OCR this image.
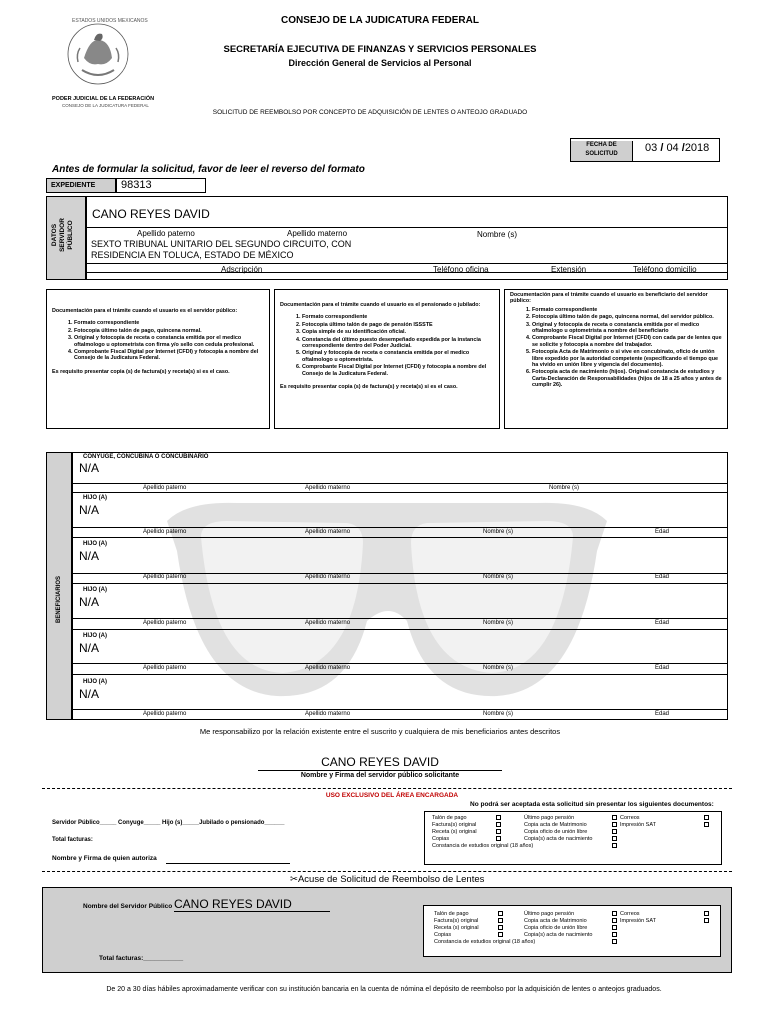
ESTADOS UNIDOS MEXICANOS
PODER JUDICIAL DE LA FEDERACIÓN
CONSEJO DE LA JUDICATURA FEDERAL
CONSEJO DE LA JUDICATURA FEDERAL
SECRETARÍA EJECUTIVA DE FINANZAS Y SERVICIOS PERSONALES
Dirección General de Servicios al Personal
SOLICITUD DE REEMBOLSO POR CONCEPTO DE ADQUISICIÓN DE LENTES O ANTEOJO GRADUADO
FECHA DE
SOLICITUD	03 / 04 /2018
Antes de formular la solicitud, favor de leer el reverso del formato
EXPEDIENTE	98313
DATOS SERVIDOR PÚBLICO
CANO REYES DAVID
Apellido paterno	Apellido materno	Nombre (s)
SEXTO TRIBUNAL UNITARIO DEL SEGUNDO CIRCUITO, CON
RESIDENCIA EN TOLUCA, ESTADO DE MÉXICO
Adscripción	Teléfono oficina	Extensión	Teléfono domicilio
Documentación para el trámite cuando el usuario es el servidor público:
1. Formato correspondiente
2. Fotocopia último talón de pago, quincena normal.
3. Original y fotocopia de receta o constancia emitida por el medico oftalmologo u optometrista con firma y/o sello con cedula profesional.
4. Comprobante Fiscal Digital por Internet (CFDI) y fotocopia a nombre del Consejo de la Judicatura Federal.
Es requisito presentar copia (s) de factura(s) y receta(s) si es el caso.
Documentación para el trámite cuando el usuario es el pensionado o jubilado:
1. Formato correspondiente
2. Fotocopia último talón de pago de pensión ISSSTE
3. Copia simple de su identificación oficial.
4. Constancia del último puesto desempeñado expedida por la instancia correspondiente dentro del Poder Judicial.
5. Original y fotocopia de receta o constancia emitida por el medico oftalmologo u optometrista.
6. Comprobante Fiscal Digital por Internet (CFDI) y fotocopia a nombre del Consejo de la Judicatura Federal.
Es requisito presentar copia (s) de factura(s) y receta(s) si es el caso.
Documentación para el trámite cuando el usuario es beneficiario del servidor público:
1. Formato correspondiente
2. Fotocopia último talón de pago, quincena normal, del servidor público.
3. Original y fotocopia de receta o constancia emitida por el medico oftalmologo u optometrista a nombre del beneficiario
4. Comprobante Fiscal Digital por Internet (CFDI) con cada par de lentes que se solicite y fotocopia a nombre del trabajador.
5. Fotocopia Acta de Matrimonio o si vive en concubinato, oficio de unión libre expedido por la autoridad competente (especificando el tiempo que ha vivido en unión libre y vigencia del documento).
6. Fotocopia acta de nacimiento (hijos). Original constancia de estudios y Carta-Declaración de Responsabilidades (hijos de 18 a 25 años y antes de cumplir 26).
BENEFICIARIOS
CONYUGE, CONCUBINA O CONCUBINARIO
N/A
Apellido paterno	Apellido materno	Nombre (s)
HIJO (A)
N/A
Apellido paterno	Apellido materno	Nombre (s)	Edad
HIJO (A)
N/A
Apellido paterno	Apellido materno	Nombre (s)	Edad
HIJO (A)
N/A
Apellido paterno	Apellido materno	Nombre (s)	Edad
HIJO (A)
N/A
Apellido paterno	Apellido materno	Nombre (s)	Edad
HIJO (A)
N/A
Apellido paterno	Apellido materno	Nombre (s)	Edad
Me responsabilizo por la relación existente entre el suscrito y cualquiera de mis beneficiarios antes descritos
CANO REYES DAVID
Nombre y Firma del servidor público solicitante
USO EXCLUSIVO DEL ÁREA ENCARGADA
No podrá ser aceptada esta solicitud sin presentar los siguientes documentos:
Servidor Público_____ Conyuge_____ Hijo (s)_____Jubilado o pensionado______
Total facturas:
Nombre y Firma de quien autoriza
Talón de pago
Factura(s) original
Receta (s) original
Copias
Constancia de estudios original (18 años)
Último pago pensión
Copia acta de Matrimonio
Copia oficio de unión libre
Copia(s) acta de nacimiento
Correos
Impresión SAT
✂Acuse de Solicitud de Reembolso de Lentes
Nombre del Servidor Público CANO REYES DAVID
Total facturas:___________
Talón de pago
Factura(s) original
Receta (s) original
Copias
Constancia de estudios original (18 años)
Último pago pensión
Copia acta de Matrimonio
Copia oficio de unión libre
Copia(s) acta de nacimiento
Correos
Impresión SAT
De 20 a 30 días hábiles aproximadamente verificar con su institución bancaria en la cuenta de nómina el depósito de reembolso por la adquisición de lentes o anteojos graduados.
